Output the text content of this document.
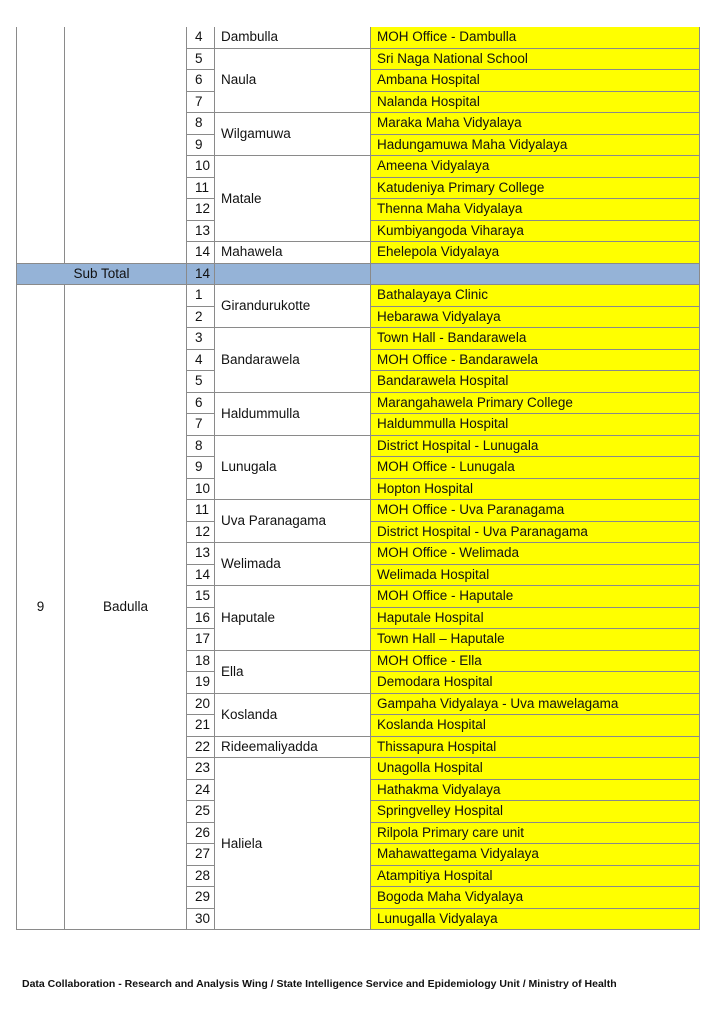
		4	Dambulla	MOH Office - Dambulla
		5	Naula	Sri Naga National School
		6		Ambana Hospital
		7		Nalanda Hospital
		8	Wilgamuwa	Maraka Maha Vidyalaya
		9		Hadungamuwa Maha Vidyalaya
		10	Matale	Ameena Vidyalaya
		11		Katudeniya Primary College
		12		Thenna Maha Vidyalaya
		13		Kumbiyangoda Viharaya
		14	Mahawela	Ehelepola Vidyalaya
Sub Total		14		
9	Badulla	1	Girandurukotte	Bathalayaya Clinic
		2		Hebarawa Vidyalaya
		3	Bandarawela	Town Hall - Bandarawela
		4		MOH Office - Bandarawela
		5		Bandarawela Hospital
		6	Haldummulla	Marangahawela Primary College
		7		Haldummulla Hospital
		8	Lunugala	District Hospital - Lunugala
		9		MOH Office - Lunugala
		10		Hopton Hospital
		11	Uva Paranagama	MOH Office - Uva Paranagama
		12		District Hospital - Uva Paranagama
		13	Welimada	MOH Office - Welimada
		14		Welimada Hospital
		15	Haputale	MOH Office - Haputale
		16		Haputale Hospital
		17		Town Hall – Haputale
		18	Ella	MOH Office - Ella
		19		Demodara Hospital
		20	Koslanda	Gampaha Vidyalaya - Uva mawelagama
		21		Koslanda Hospital
		22	Rideemaliyadda	Thissapura Hospital
		23	Haliela	Unagolla Hospital
		24		Hathakma Vidyalaya
		25		Springvelley Hospital
		26		Rilpola Primary care unit
		27		Mahawattegama Vidyalaya
		28		Atampitiya Hospital
		29		Bogoda Maha Vidyalaya
		30		Lunugalla Vidyalaya
Data Collaboration - Research and Analysis Wing / State Intelligence Service and Epidemiology Unit / Ministry of Health
